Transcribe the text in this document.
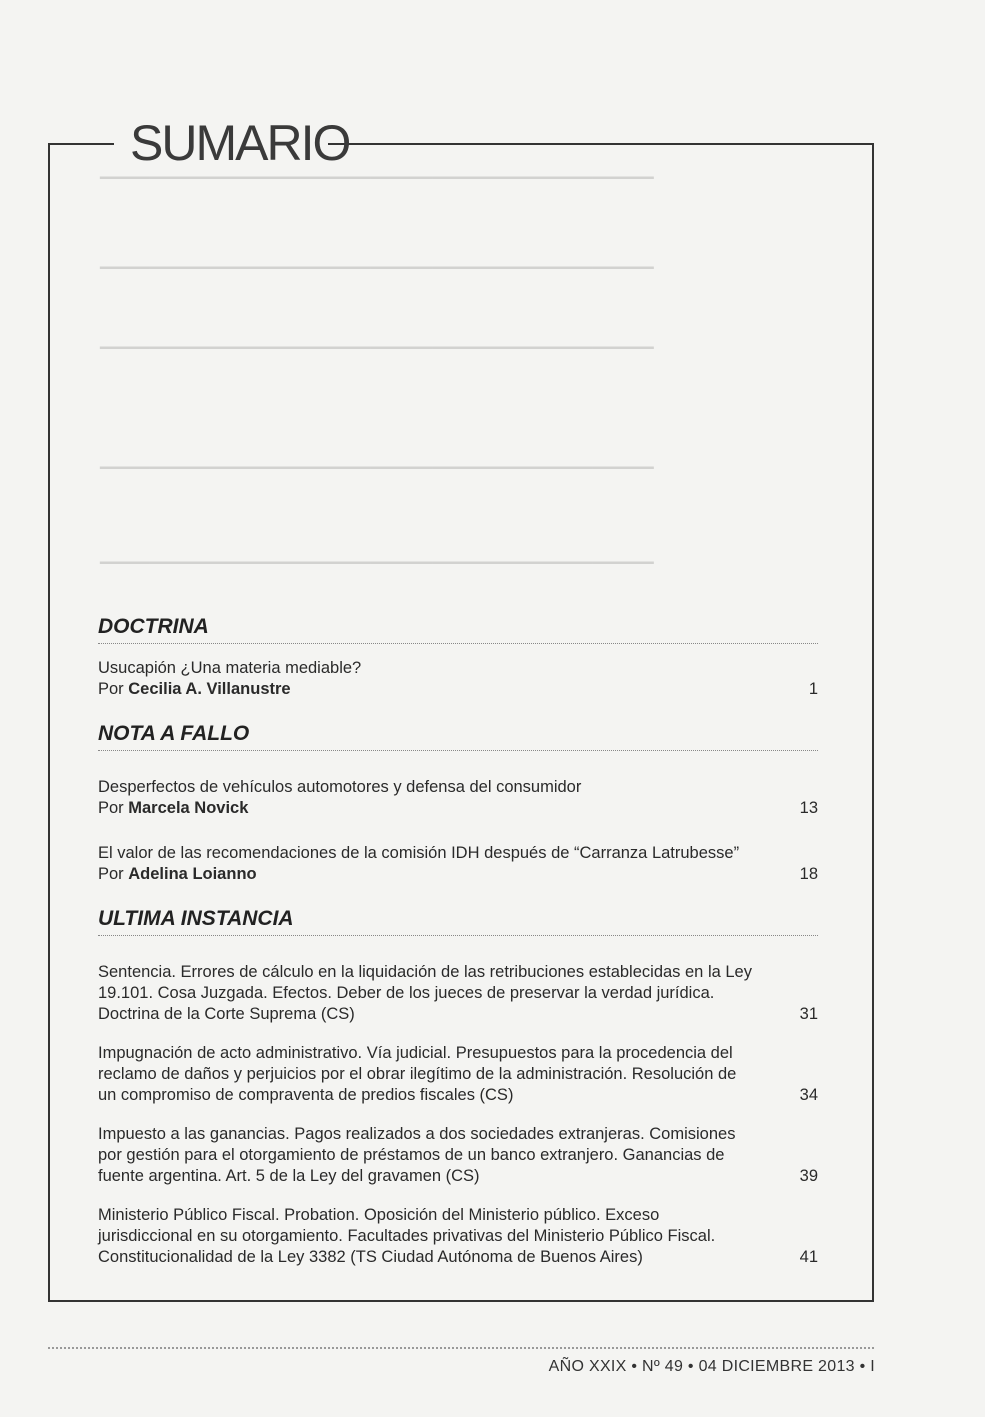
▁▁▁▁▁▁▁▁▁▁▁▁▁▁▁▁▁▁▁▁▁▁▁▁▁▁▁▁▁▁▁▁▁▁▁▁▁▁▁▁▁▁▁▁▁
▁▁▁▁▁▁▁▁▁▁▁▁▁▁▁▁▁▁▁▁▁▁▁▁▁▁▁▁▁▁▁▁▁▁▁▁▁▁▁▁▁▁▁▁▁
▁▁▁▁▁▁▁▁▁▁▁▁▁▁▁▁▁▁▁▁▁▁▁▁▁▁▁▁▁▁▁▁▁▁▁▁▁▁▁▁▁▁▁▁▁
▁▁▁▁▁▁▁▁▁▁▁▁▁▁▁▁▁▁▁▁▁▁▁▁▁▁▁▁▁▁▁▁▁▁▁▁▁▁▁▁▁▁▁▁▁
▁▁▁▁▁▁▁▁▁▁▁▁▁▁▁▁▁▁▁▁▁▁▁▁▁▁▁▁▁▁▁▁▁▁▁▁▁▁▁▁▁▁▁▁▁
SUMARIO
DOCTRINA
Usucapión ¿Una materia mediable?
Por Cecilia A. Villanustre	1
NOTA A FALLO
Desperfectos de vehículos automotores y defensa del consumidor
Por Marcela Novick	13
El valor de las recomendaciones de la comisión IDH después de “Carranza Latrubesse”
Por Adelina Loianno	18
ULTIMA INSTANCIA
Sentencia. Errores de cálculo en la liquidación de las retribuciones establecidas en la Ley 19.101. Cosa Juzgada. Efectos. Deber de los jueces de preservar la verdad jurídica. Doctrina de la Corte Suprema (CS)	31
Impugnación de acto administrativo. Vía judicial. Presupuestos para la procedencia del reclamo de daños y perjuicios por el obrar ilegítimo de la administración. Resolución de un compromiso de compraventa de predios fiscales (CS)	34
Impuesto a las ganancias. Pagos realizados a dos sociedades extranjeras. Comisiones por gestión para el otorgamiento de préstamos de un banco extranjero. Ganancias de fuente argentina. Art. 5 de la Ley del gravamen (CS)	39
Ministerio Público Fiscal. Probation. Oposición del Ministerio público. Exceso jurisdiccional en su otorgamiento. Facultades privativas del Ministerio Público Fiscal. Constitucionalidad de la Ley 3382 (TS Ciudad Autónoma de Buenos Aires)	41
AÑO XXIX • Nº 49 • 04 DICIEMBRE 2013 • I
